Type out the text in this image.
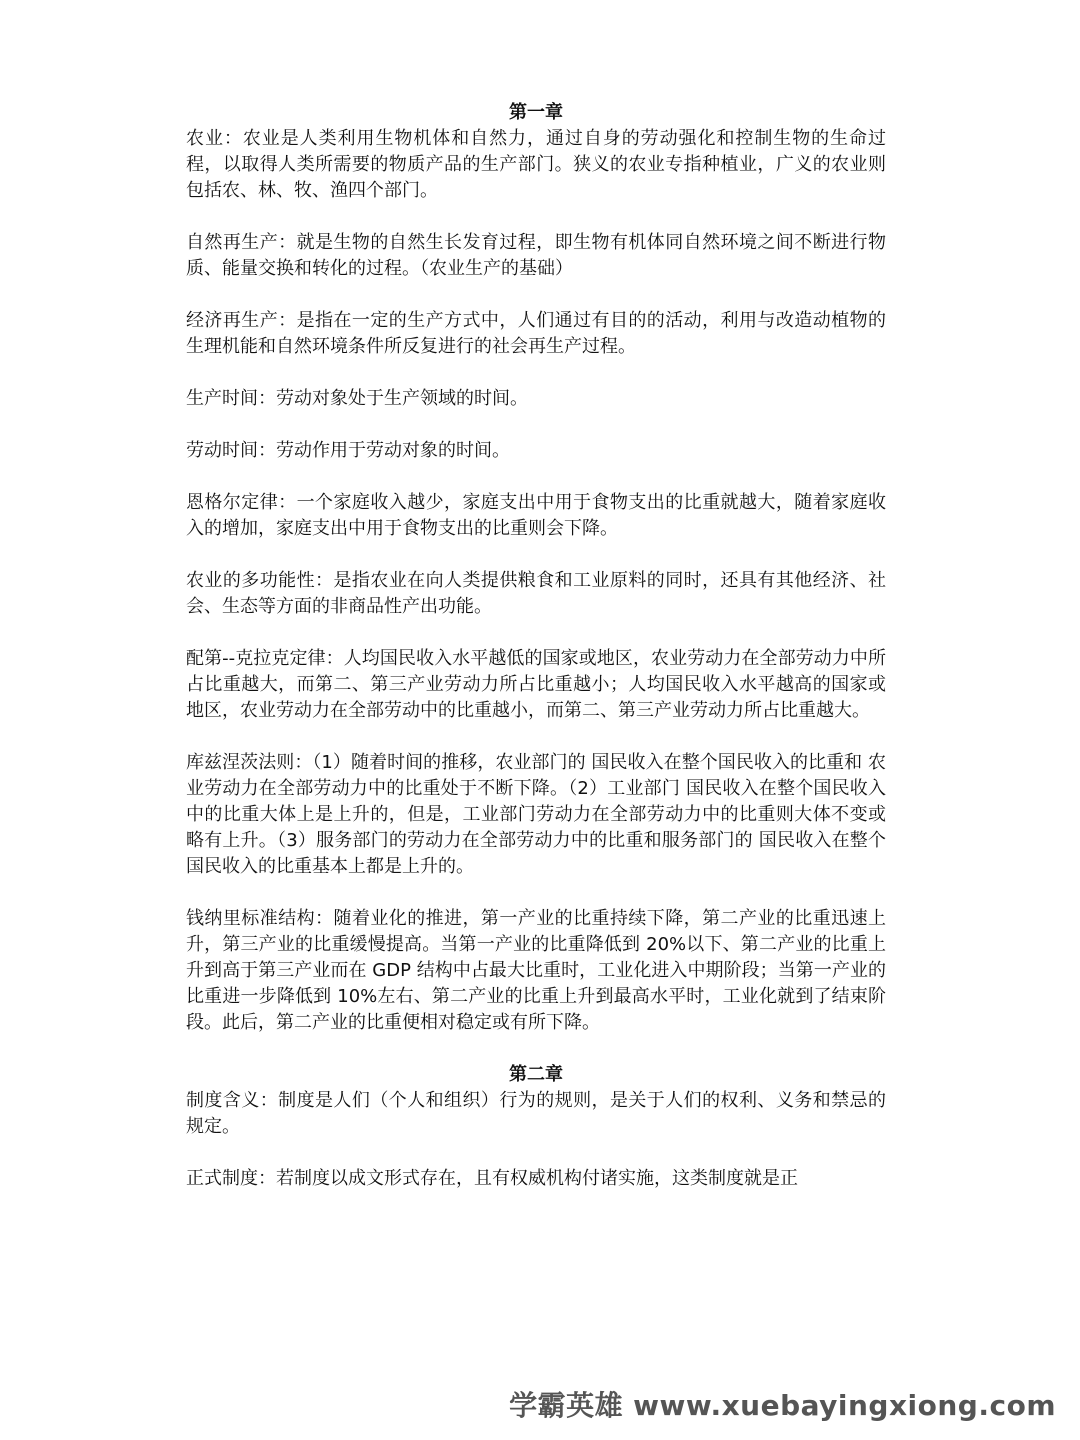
第一章

农业：农业是人类利用生物机体和自然力，通过自身的劳动强化和控制生物的生命过程，以取得人类所需要的物质产品的生产部门。狭义的农业专指种植业，广义的农业则包括农、林、牧、渔四个部门。

自然再生产：就是生物的自然生长发育过程，即生物有机体同自然环境之间不断进行物质、能量交换和转化的过程。（农业生产的基础）

经济再生产：是指在一定的生产方式中，人们通过有目的的活动，利用与改造动植物的生理机能和自然环境条件所反复进行的社会再生产过程。

生产时间：劳动对象处于生产领域的时间。

劳动时间：劳动作用于劳动对象的时间。

恩格尔定律：一个家庭收入越少，家庭支出中用于食物支出的比重就越大，随着家庭收入的增加，家庭支出中用于食物支出的比重则会下降。

农业的多功能性：是指农业在向人类提供粮食和工业原料的同时，还具有其他经济、社会、生态等方面的非商品性产出功能。

配第--克拉克定律：人均国民收入水平越低的国家或地区，农业劳动力在全部劳动力中所占比重越大，而第二、第三产业劳动力所占比重越小；人均国民收入水平越高的国家或地区，农业劳动力在全部劳动中的比重越小，而第二、第三产业劳动力所占比重越大。

库兹涅茨法则：（1）随着时间的推移，农业部门的 国民收入在整个国民收入的比重和 农业劳动力在全部劳动力中的比重处于不断下降。（2）工业部门 国民收入在整个国民收入中的比重大体上是上升的，但是，工业部门劳动力在全部劳动力中的比重则大体不变或略有上升。（3）服务部门的劳动力在全部劳动力中的比重和服务部门的 国民收入在整个 国民收入的比重基本上都是上升的。

钱纳里标准结构：随着业化的推进，第一产业的比重持续下降，第二产业的比重迅速上升，第三产业的比重缓慢提高。当第一产业的比重降低到 20%以下、第二产业的比重上升到高于第三产业而在 GDP 结构中占最大比重时，工业化进入中期阶段；当第一产业的比重进一步降低到 10%左右、第二产业的比重上升到最高水平时，工业化就到了结束阶段。此后，第二产业的比重便相对稳定或有所下降。

第二章

制度含义：制度是人们（个人和组织）行为的规则，是关于人们的权利、义务和禁忌的规定。

正式制度：若制度以成文形式存在，且有权威机构付诸实施，这类制度就是正

学霸英雄 www.xuebayingxiong.com
